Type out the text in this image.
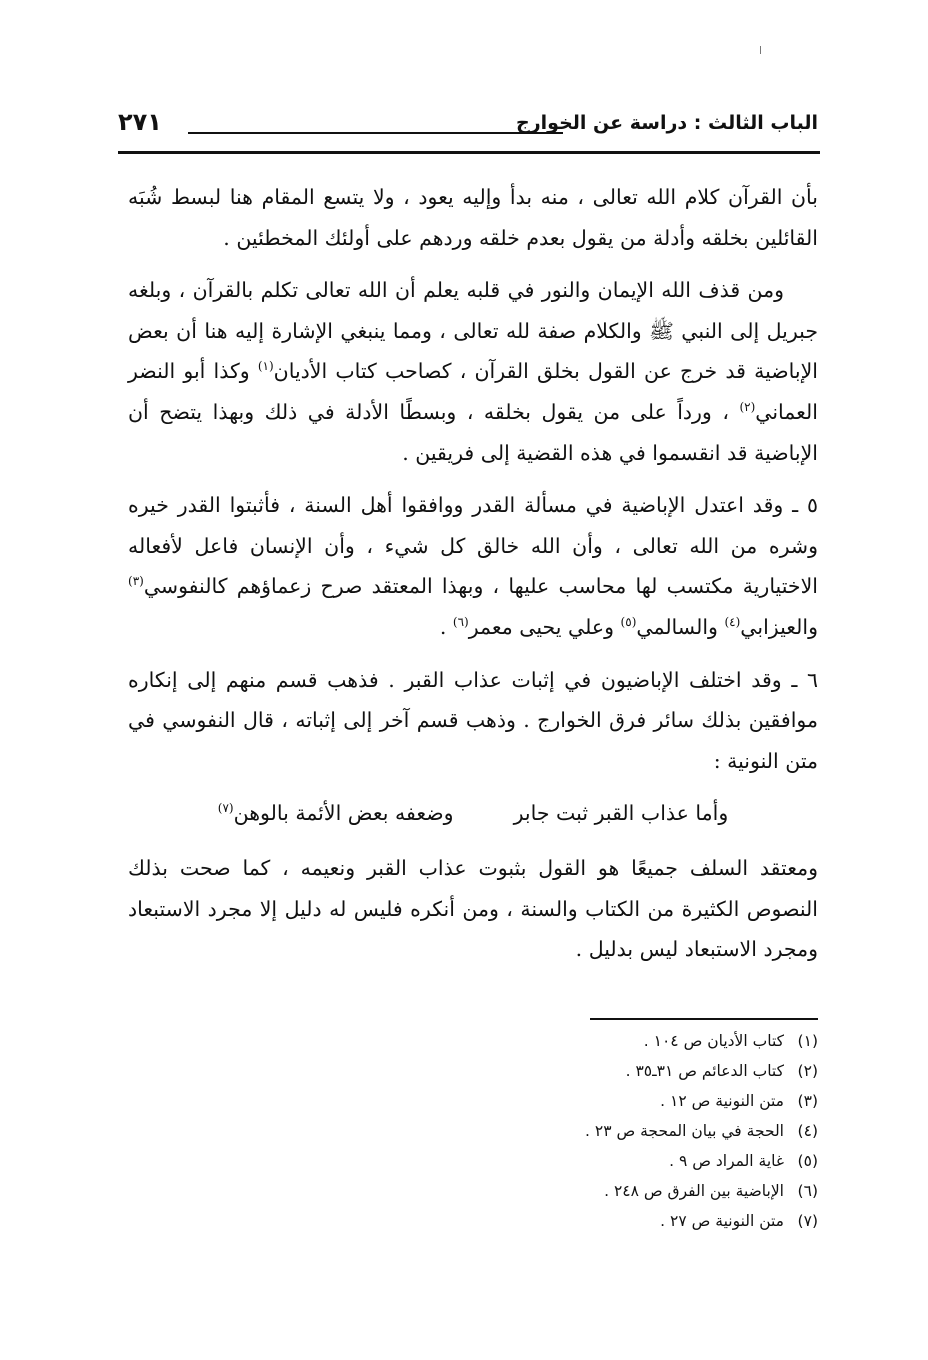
الباب الثالث : دراسة عن الخوارج
٢٧١

بأن القرآن كلام الله تعالى ، منه بدأ وإليه يعود ، ولا يتسع المقام هنا لبسط شُبَه القائلين بخلقه وأدلة من يقول بعدم خلقه وردهم على أولئك المخطئين .

ومن قذف الله الإيمان والنور في قلبه يعلم أن الله تعالى تكلم بالقرآن ، وبلغه جبريل إلى النبي ﷺ والكلام صفة لله تعالى ، ومما ينبغي الإشارة إليه هنا أن بعض الإباضية قد خرج عن القول بخلق القرآن ، كصاحب كتاب الأديان$^{(١)}$ وكذا أبو النضر العماني$^{(٢)}$ ، ورداً على من يقول بخلقه ، وبسطًا الأدلة في ذلك وبهذا يتضح أن الإباضية قد انقسموا في هذه القضية إلى فريقين .

٥ ـ وقد اعتدل الإباضية في مسألة القدر ووافقوا أهل السنة ، فأثبتوا القدر خيره وشره من الله تعالى ، وأن الله خالق كل شيء ، وأن الإنسان فاعل لأفعاله الاختيارية مكتسب لها محاسب عليها ، وبهذا المعتقد صرح زعماؤهم كالنفوسي$^{(٣)}$ والعيزابي$^{(٤)}$ والسالمي$^{(٥)}$ وعلي يحيى معمر$^{(٦)}$ .

٦ ـ وقد اختلف الإباضيون في إثبات عذاب القبر . فذهب قسم منهم إلى إنكاره موافقين بذلك سائر فرق الخوارج . وذهب قسم آخر إلى إثباته ، قال النفوسي في متن النونية :

وأما عذاب القبر ثبت جابر
وضعفه بعض الأئمة بالوهن$^{(٧)}$

ومعتقد السلف جميعًا هو القول بثبوت عذاب القبر ونعيمه ، كما صحت بذلك النصوص الكثيرة من الكتاب والسنة ، ومن أنكره فليس له دليل إلا مجرد الاستبعاد ومجرد الاستبعاد ليس بدليل .

(١)كتاب الأديان ص ١٠٤ .
(٢)كتاب الدعائم ص ٣١ـ٣٥ .
(٣)متن النونية ص ١٢ .
(٤)الحجة في بيان المحجة ص ٢٣ .
(٥)غاية المراد ص ٩ .
(٦)الإباضية بين الفرق ص ٢٤٨ .
(٧)متن النونية ص ٢٧ .
